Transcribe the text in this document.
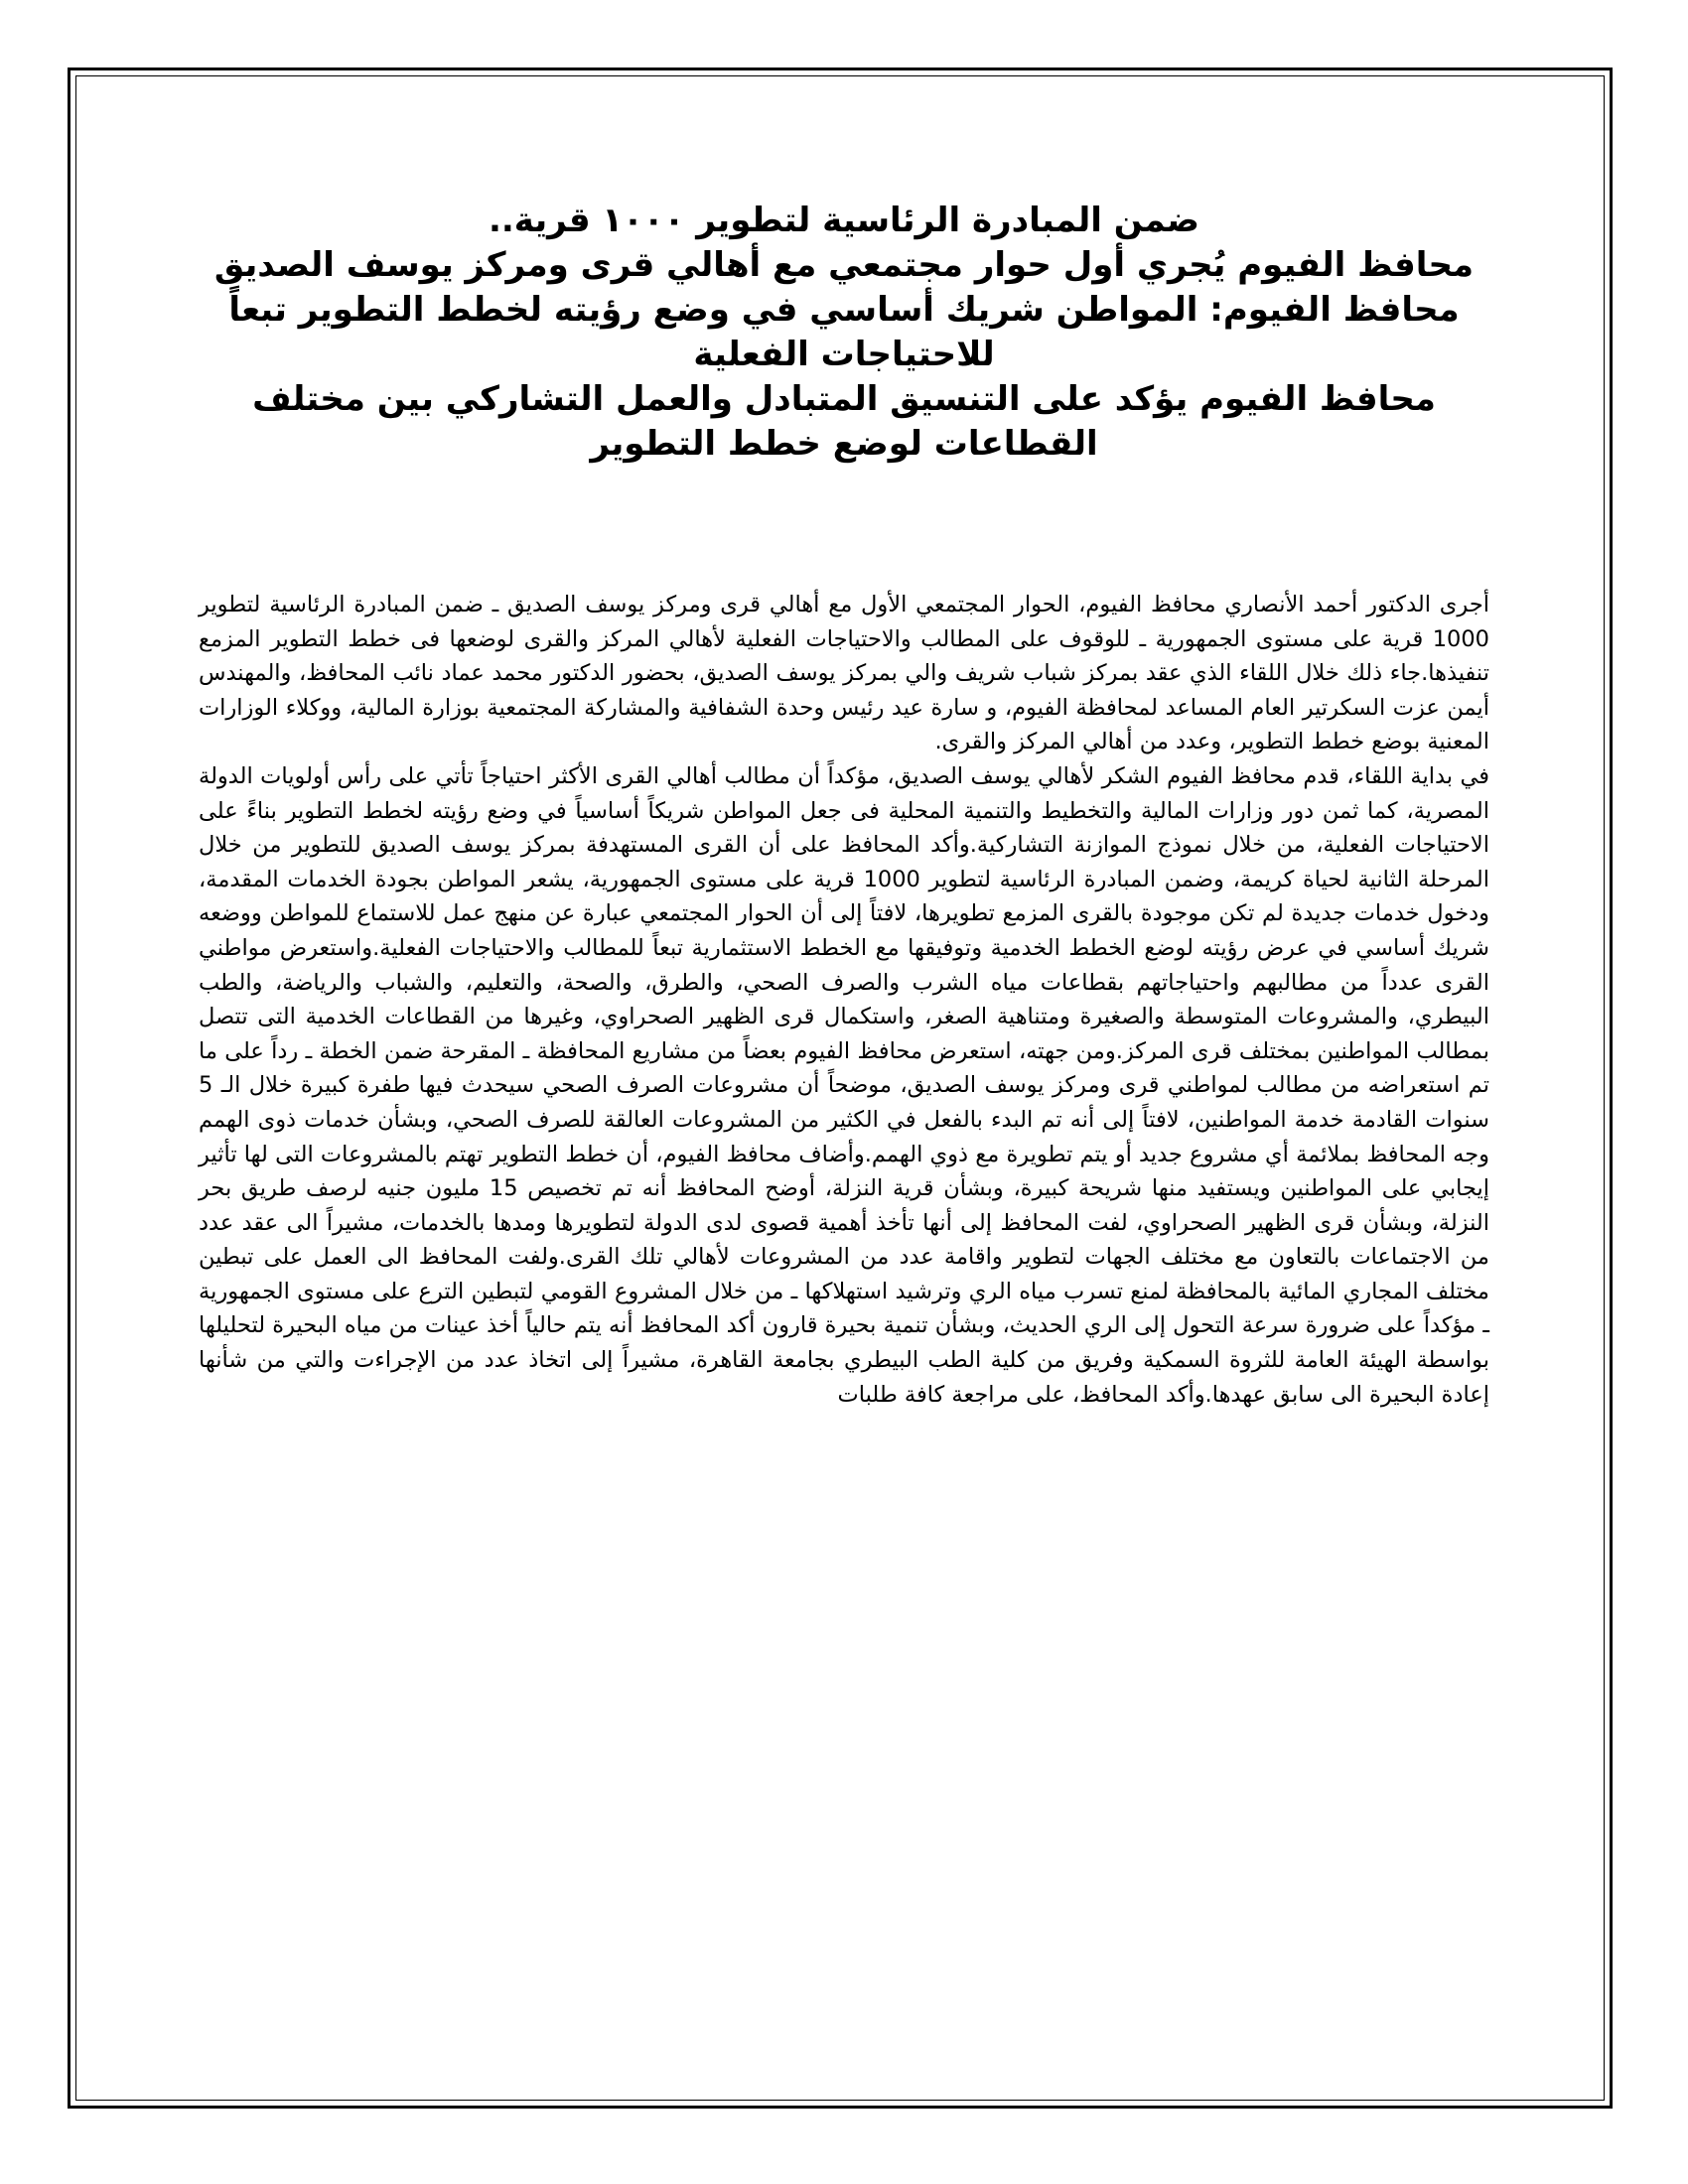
ضمن المبادرة الرئاسية لتطوير ١٠٠٠ قرية..
محافظ الفيوم يُجري أول حوار مجتمعي مع أهالي قرى ومركز يوسف الصديق
محافظ الفيوم: المواطن شريك أساسي في وضع رؤيته لخطط التطوير تبعاً للاحتياجات الفعلية
محافظ الفيوم يؤكد على التنسيق المتبادل والعمل التشاركي بين مختلف القطاعات لوضع خطط التطوير

أجرى الدكتور أحمد الأنصاري محافظ الفيوم، الحوار المجتمعي الأول مع أهالي قرى ومركز يوسف الصديق ـ ضمن المبادرة الرئاسية لتطوير 1000 قرية على مستوى الجمهورية ـ للوقوف على المطالب والاحتياجات الفعلية لأهالي المركز والقرى لوضعها فى خطط التطوير المزمع تنفيذها.جاء ذلك خلال اللقاء الذي عقد بمركز شباب شريف والي بمركز يوسف الصديق، بحضور الدكتور محمد عماد نائب المحافظ، والمهندس أيمن عزت السكرتير العام المساعد لمحافظة الفيوم، و سارة عيد رئيس وحدة الشفافية والمشاركة المجتمعية بوزارة المالية، ووكلاء الوزارات المعنية بوضع خطط التطوير، وعدد من أهالي المركز والقرى.

في بداية اللقاء، قدم محافظ الفيوم الشكر لأهالي يوسف الصديق، مؤكداً أن مطالب أهالي القرى الأكثر احتياجاً تأتي على رأس أولويات الدولة المصرية، كما ثمن دور وزارات المالية والتخطيط والتنمية المحلية فى جعل المواطن شريكاً أساسياً في وضع رؤيته لخطط التطوير بناءً على الاحتياجات الفعلية، من خلال نموذج الموازنة التشاركية.وأكد المحافظ على أن القرى المستهدفة بمركز يوسف الصديق للتطوير من خلال المرحلة الثانية لحياة كريمة، وضمن المبادرة الرئاسية لتطوير 1000 قرية على مستوى الجمهورية، يشعر المواطن بجودة الخدمات المقدمة، ودخول خدمات جديدة لم تكن موجودة بالقرى المزمع تطويرها، لافتاً إلى أن الحوار المجتمعي عبارة عن منهج عمل للاستماع للمواطن ووضعه شريك أساسي في عرض رؤيته لوضع الخطط الخدمية وتوفيقها مع الخطط الاستثمارية تبعاً للمطالب والاحتياجات الفعلية.واستعرض مواطني القرى عدداً من مطالبهم واحتياجاتهم بقطاعات مياه الشرب والصرف الصحي، والطرق، والصحة، والتعليم، والشباب والرياضة، والطب البيطري، والمشروعات المتوسطة والصغيرة ومتناهية الصغر، واستكمال قرى الظهير الصحراوي، وغيرها من القطاعات الخدمية التى تتصل بمطالب المواطنين بمختلف قرى المركز.ومن جهته، استعرض محافظ الفيوم بعضاً من مشاريع المحافظة ـ المقرحة ضمن الخطة ـ رداً على ما تم استعراضه من مطالب لمواطني قرى ومركز يوسف الصديق، موضحاً أن مشروعات الصرف الصحي سيحدث فيها طفرة كبيرة خلال الـ 5 سنوات القادمة خدمة المواطنين، لافتاً إلى أنه تم البدء بالفعل في الكثير من المشروعات العالقة للصرف الصحي، وبشأن خدمات ذوى الهمم وجه المحافظ بملائمة أي مشروع جديد أو يتم تطويرة مع ذوي الهمم.وأضاف محافظ الفيوم، أن خطط التطوير تهتم بالمشروعات التى لها تأثير إيجابي على المواطنين ويستفيد منها شريحة كبيرة، وبشأن قرية النزلة، أوضح المحافظ أنه تم تخصيص 15 مليون جنيه لرصف طريق بحر النزلة، وبشأن قرى الظهير الصحراوي، لفت المحافظ إلى أنها تأخذ أهمية قصوى لدى الدولة لتطويرها ومدها بالخدمات، مشيراً الى عقد عدد من الاجتماعات بالتعاون مع مختلف الجهات لتطوير واقامة عدد من المشروعات لأهالي تلك القرى.ولفت المحافظ الى العمل على تبطين مختلف المجاري المائية بالمحافظة لمنع تسرب مياه الري وترشيد استهلاكها ـ من خلال المشروع القومي لتبطين الترع على مستوى الجمهورية ـ مؤكداً على ضرورة سرعة التحول إلى الري الحديث، وبشأن تنمية بحيرة قارون أكد المحافظ أنه يتم حالياً أخذ عينات من مياه البحيرة لتحليلها بواسطة الهيئة العامة للثروة السمكية وفريق من كلية الطب البيطري بجامعة القاهرة، مشيراً إلى اتخاذ عدد من الإجراءت والتي من شأنها إعادة البحيرة الى سابق عهدها.وأكد المحافظ، على مراجعة كافة طلبات
